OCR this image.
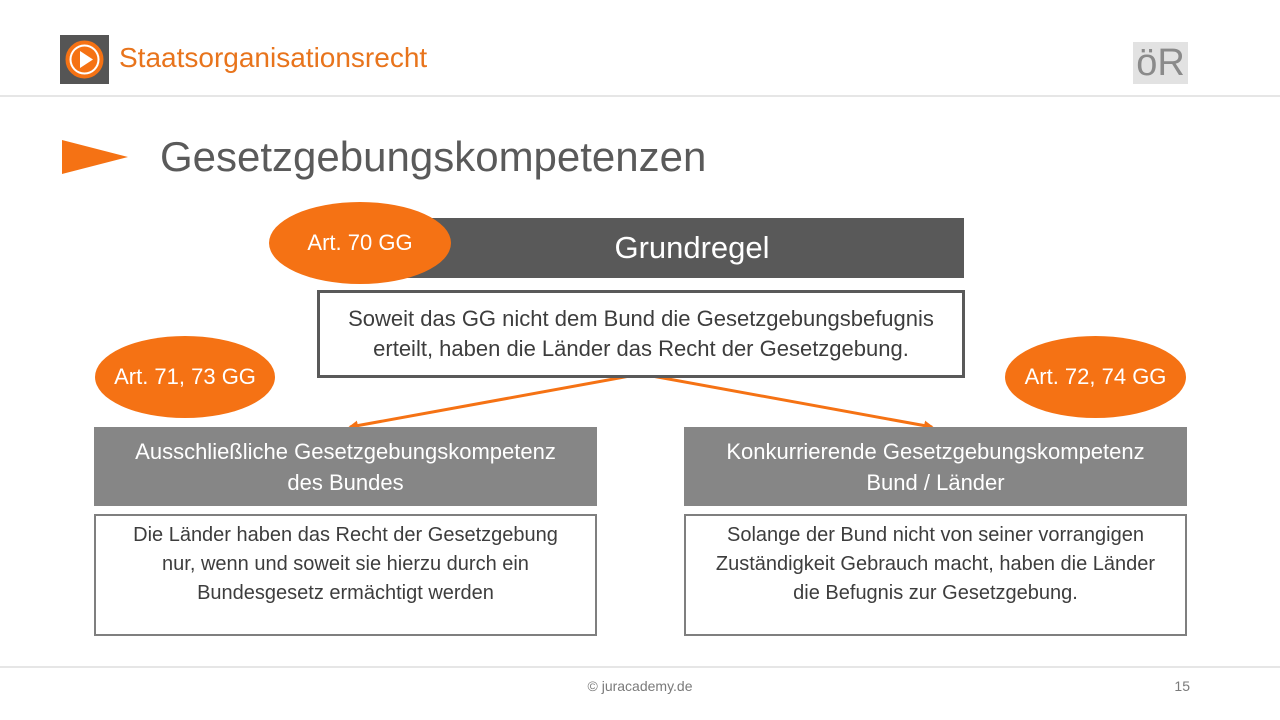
Staatsorganisationsrecht	öR
Gesetzgebungskompetenzen
Grundregel
Art. 70 GG
Soweit das GG nicht dem Bund die Gesetzgebungsbefugnis
erteilt, haben die Länder das Recht der Gesetzgebung.
Art. 71, 73 GG
Ausschließliche Gesetzgebungskompetenz
des Bundes
Die Länder haben das Recht der Gesetzgebung
nur, wenn und soweit sie hierzu durch ein
Bundesgesetz ermächtigt werden
Art. 72, 74 GG
Konkurrierende Gesetzgebungskompetenz
Bund / Länder
Solange der Bund nicht von seiner vorrangigen
Zuständigkeit Gebrauch macht, haben die Länder
die Befugnis zur Gesetzgebung.
© juracademy.de	15
